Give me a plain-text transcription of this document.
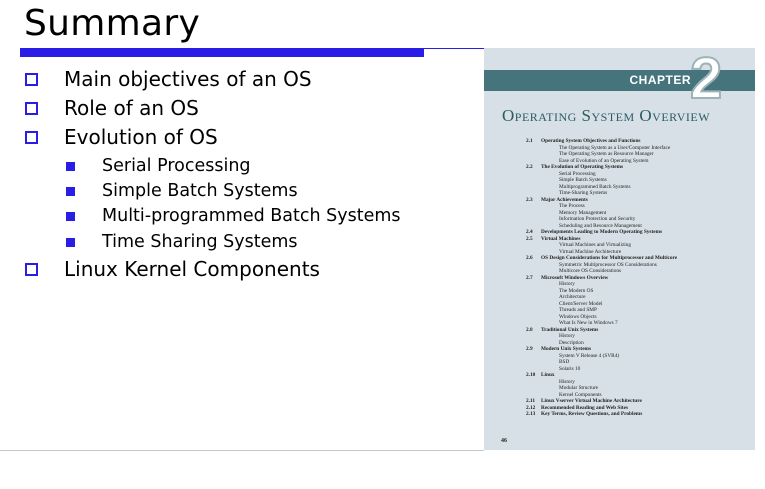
Summary
Main objectives of an OS
Role of an OS
Evolution of OS
Serial Processing
Simple Batch Systems
Multi-programmed Batch Systems
Time Sharing Systems
Linux Kernel Components
CHAPTER 2
Operating System Overview
2.1 Operating System Objectives and Functions
The Operating System as a User/Computer Interface
The Operating System as Resource Manager
Ease of Evolution of an Operating System
2.2 The Evolution of Operating Systems
Serial Processing
Simple Batch Systems
Multiprogrammed Batch Systems
Time-Sharing Systems
2.3 Major Achievements
The Process
Memory Management
Information Protection and Security
Scheduling and Resource Management
2.4 Developments Leading to Modern Operating Systems
2.5 Virtual Machines
Virtual Machines and Virtualizing
Virtual Machine Architecture
2.6 OS Design Considerations for Multiprocessor and Multicore
Symmetric Multiprocessor OS Considerations
Multicore OS Considerations
2.7 Microsoft Windows Overview
History
The Modern OS
Architecture
Client/Server Model
Threads and SMP
Windows Objects
What Is New in Windows 7
2.8 Traditional Unix Systems
History
Description
2.9 Modern Unix Systems
System V Release 4 (SVR4)
BSD
Solaris 10
2.10 Linux
History
Modular Structure
Kernel Components
2.11 Linux Vserver Virtual Machine Architecture
2.12 Recommended Reading and Web Sites
2.13 Key Terms, Review Questions, and Problems
46
